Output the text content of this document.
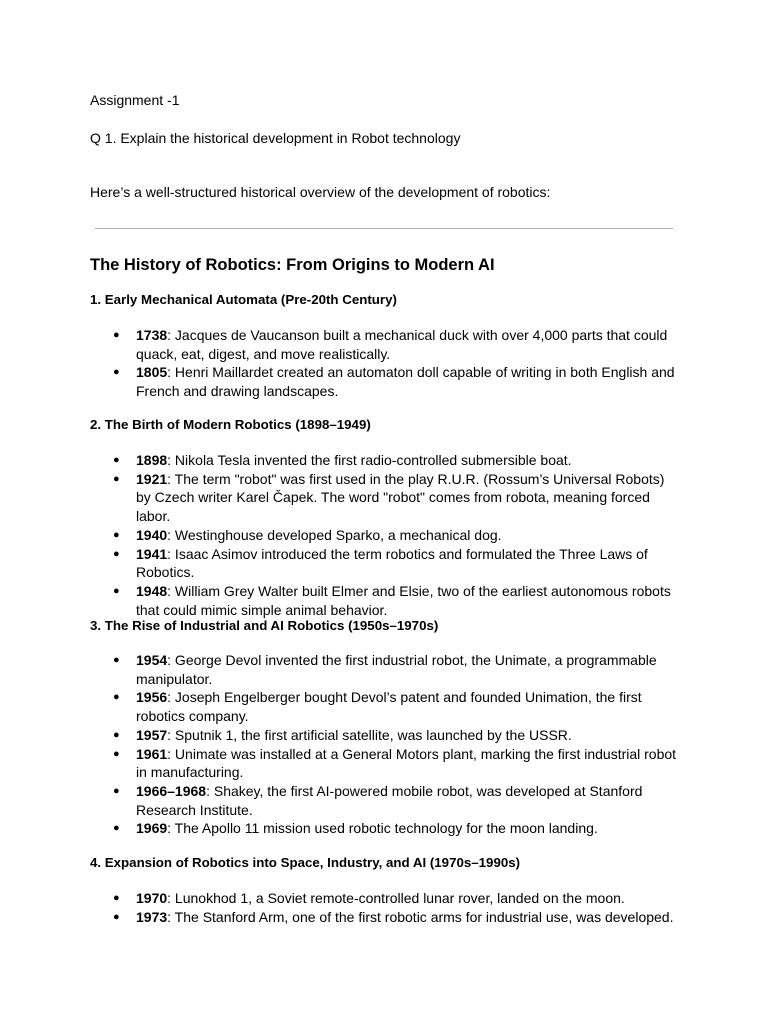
Assignment -1
Q 1. Explain the historical development in Robot technology
Here’s a well-structured historical overview of the development of robotics:
The History of Robotics: From Origins to Modern AI
1. Early Mechanical Automata (Pre-20th Century)
● 1738: Jacques de Vaucanson built a mechanical duck with over 4,000 parts that could quack, eat, digest, and move realistically.
● 1805: Henri Maillardet created an automaton doll capable of writing in both English and French and drawing landscapes.
2. The Birth of Modern Robotics (1898–1949)
● 1898: Nikola Tesla invented the first radio-controlled submersible boat.
● 1921: The term "robot" was first used in the play R.U.R. (Rossum’s Universal Robots) by Czech writer Karel Čapek. The word "robot" comes from robota, meaning forced labor.
● 1940: Westinghouse developed Sparko, a mechanical dog.
● 1941: Isaac Asimov introduced the term robotics and formulated the Three Laws of Robotics.
● 1948: William Grey Walter built Elmer and Elsie, two of the earliest autonomous robots that could mimic simple animal behavior.
3. The Rise of Industrial and AI Robotics (1950s–1970s)
● 1954: George Devol invented the first industrial robot, the Unimate, a programmable manipulator.
● 1956: Joseph Engelberger bought Devol’s patent and founded Unimation, the first robotics company.
● 1957: Sputnik 1, the first artificial satellite, was launched by the USSR.
● 1961: Unimate was installed at a General Motors plant, marking the first industrial robot in manufacturing.
● 1966–1968: Shakey, the first AI-powered mobile robot, was developed at Stanford Research Institute.
● 1969: The Apollo 11 mission used robotic technology for the moon landing.
4. Expansion of Robotics into Space, Industry, and AI (1970s–1990s)
● 1970: Lunokhod 1, a Soviet remote-controlled lunar rover, landed on the moon.
● 1973: The Stanford Arm, one of the first robotic arms for industrial use, was developed.
